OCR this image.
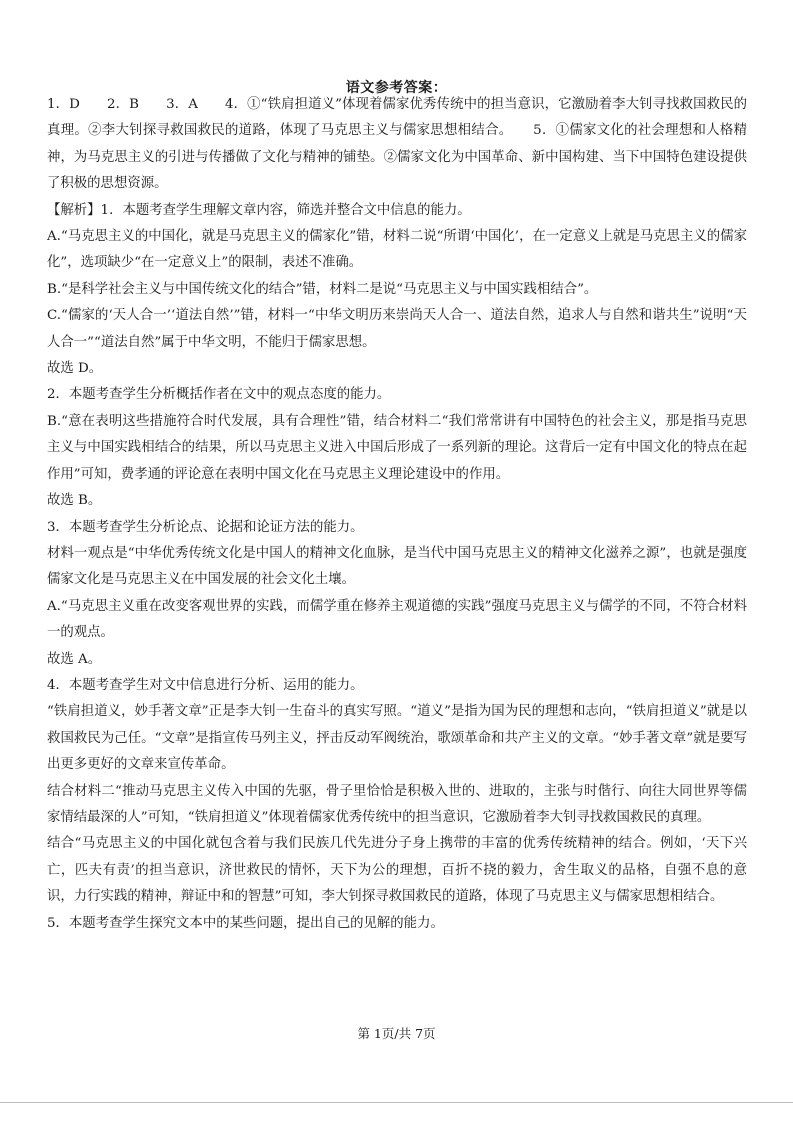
语文参考答案：

1．D　　2．B　　3．A　　4．①“铁肩担道义”体现着儒家优秀传统中的担当意识，它激励着李大钊寻找救国救民的真理。②李大钊探寻救国救民的道路，体现了马克思主义与儒家思想相结合。　　5．①儒家文化的社会理想和人格精神，为马克思主义的引进与传播做了文化与精神的铺垫。②儒家文化为中国革命、新中国构建、当下中国特色建设提供了积极的思想资源。

【解析】1．本题考查学生理解文章内容，筛选并整合文中信息的能力。

A.“马克思主义的中国化，就是马克思主义的儒家化”错，材料二说“所谓‘中国化’，在一定意义上就是马克思主义的儒家化”，选项缺少“在一定意义上”的限制，表述不准确。

B.“是科学社会主义与中国传统文化的结合”错，材料二是说“马克思主义与中国实践相结合”。

C.“儒家的‘天人合一’‘道法自然’”错，材料一“中华文明历来崇尚天人合一、道法自然，追求人与自然和谐共生”说明“天人合一”“道法自然”属于中华文明，不能归于儒家思想。

故选 D。

2．本题考查学生分析概括作者在文中的观点态度的能力。

B.“意在表明这些措施符合时代发展，具有合理性”错，结合材料二“我们常常讲有中国特色的社会主义，那是指马克思主义与中国实践相结合的结果，所以马克思主义进入中国后形成了一系列新的理论。这背后一定有中国文化的特点在起作用”可知，费孝通的评论意在表明中国文化在马克思主义理论建设中的作用。

故选 B。

3．本题考查学生分析论点、论据和论证方法的能力。

材料一观点是“中华优秀传统文化是中国人的精神文化血脉，是当代中国马克思主义的精神文化滋养之源”，也就是强度儒家文化是马克思主义在中国发展的社会文化土壤。

A.“马克思主义重在改变客观世界的实践，而儒学重在修养主观道德的实践”强度马克思主义与儒学的不同，不符合材料一的观点。

故选 A。

4．本题考查学生对文中信息进行分析、运用的能力。

“铁肩担道义，妙手著文章”正是李大钊一生奋斗的真实写照。“道义”是指为国为民的理想和志向，“铁肩担道义”就是以救国救民为己任。“文章”是指宣传马列主义，抨击反动军阀统治，歌颂革命和共产主义的文章。“妙手著文章”就是要写出更多更好的文章来宣传革命。

结合材料二“推动马克思主义传入中国的先驱，骨子里恰恰是积极入世的、进取的，主张与时偕行、向往大同世界等儒家情结最深的人”可知，“铁肩担道义”体现着儒家优秀传统中的担当意识，它激励着李大钊寻找救国救民的真理。

结合“马克思主义的中国化就包含着与我们民族几代先进分子身上携带的丰富的优秀传统精神的结合。例如，‘天下兴亡，匹夫有责’的担当意识，济世救民的情怀，天下为公的理想，百折不挠的毅力，舍生取义的品格，自强不息的意识，力行实践的精神，辩证中和的智慧”可知，李大钊探寻救国救民的道路，体现了马克思主义与儒家思想相结合。

5．本题考查学生探究文本中的某些问题，提出自己的见解的能力。

第 1页/共 7页
